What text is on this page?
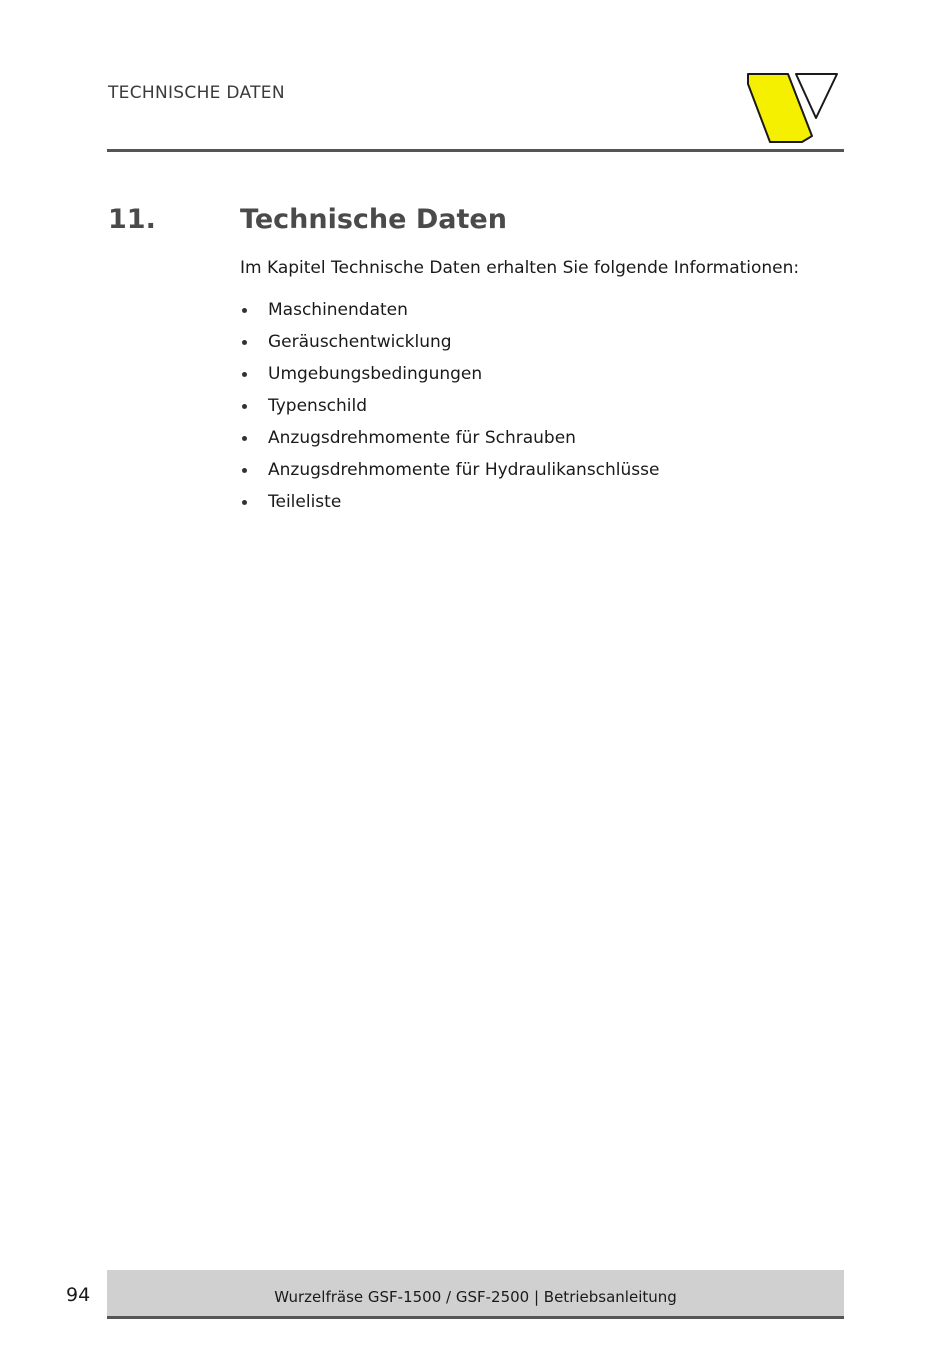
TECHNISCHE DATEN
11.	Technische Daten
Im Kapitel Technische Daten erhalten Sie folgende Informationen:
Maschinendaten
Geräuschentwicklung
Umgebungsbedingungen
Typenschild
Anzugsdrehmomente für Schrauben
Anzugsdrehmomente für Hydraulikanschlüsse
Teileliste
94	Wurzelfräse GSF-1500 / GSF-2500 | Betriebsanleitung
